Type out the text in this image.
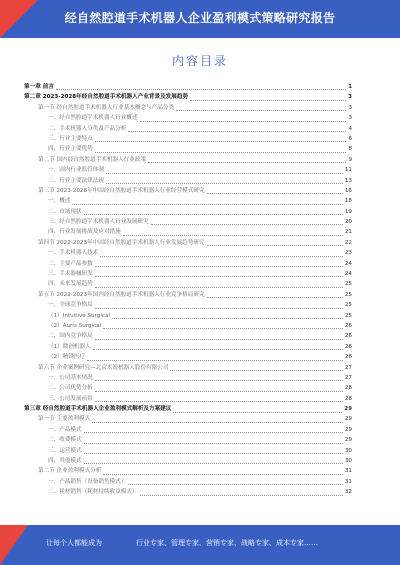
经自然腔道手术机器人企业盈利模式策略研究报告
内容目录
第一章 前言	1
第二章 2023-2028年经自然腔道手术机器人产业背景及发展趋势	3
第一节 经自然腔道手术机器人行业基本概念与产品分类	3
一、经自然腔道手术机器人行业概述	3
二、手术机器人分类及产品分析	4
三、行业主要特点	6
四、行业主要优势	8
第二节 国内经自然腔道手术机器人行业政策	9
一、国内行业监管体制	11
二、行业主要法律法规	13
第三节 2023-2028年中国经自然腔道手术机器人行业经营模式研究	16
一、概述	18
二、市场现状	19
三、经自然腔道手术机器人行业发展研究	20
四、行业发展挑战及应对措施	21
第四节 2022-2023年中国经自然腔道手术机器人行业发展趋势研究	22
一、手术机器人技术	23
二、主要产品参数	24
三、手术器械研发	24
四、未来发展趋势	25
第五节 2022-2023年国内经自然腔道手术机器人行业竞争格局研究	25
一、全球竞争格局	25
（1）Intuitive Surgical	25
（2）Auris Surgical	26
二、国内竞争格局	26
（1）微创机器人	26
（2）精锋医疗	26
第六节 企业案例研究—北京术锐机器人股份有限公司	27
一、公司基本情况	27
二、公司优势分析	28
三、公司发展前景	28
第三章 经自然腔道手术机器人企业盈利模式解析及方案建议	29
第一节 主要盈利模式	29
一、产品模式	29
二、收费模式	29
三、运营模式	30
四、其他模式	30
第二节 企业盈利模式分析	31
一、产品销售（设备销售模式）	31
二、耗材销售（耗材持续收益模式）	32
让每个人都能成为	行业专家、管理专家、营销专家、战略专家、成本专家……
